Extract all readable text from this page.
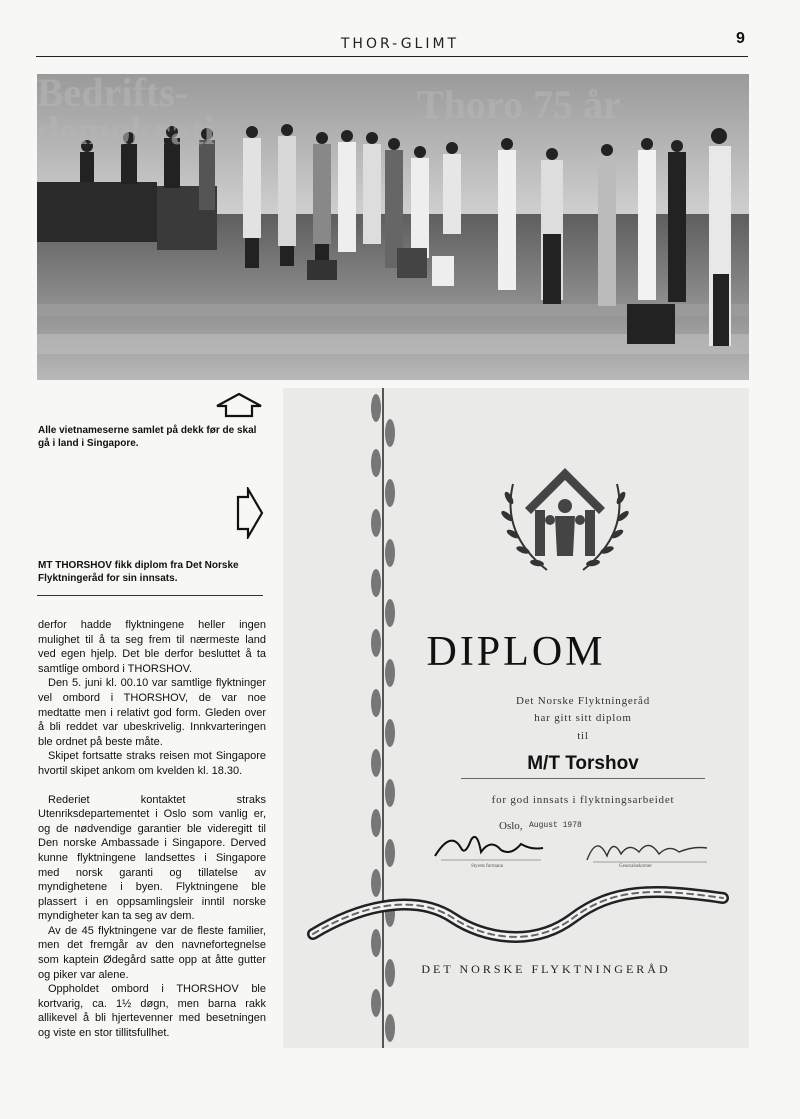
THOR-GLIMT	9
Bedrifts-
demokrati
Thoro 75 år
Alle vietnameserne samlet på dekk før de skal gå i land i Singapore.
MT THORSHOV fikk diplom fra Det Norske Flyktningeråd for sin innsats.

derfor hadde flyktningene heller ingen mulighet til å ta seg frem til nærmeste land ved egen hjelp. Det ble derfor besluttet å ta samtlige ombord i THORSHOV.

Den 5. juni kl. 00.10 var samtlige flyktninger vel ombord i THORSHOV, de var noe medtatte men i relativt god form. Gleden over å bli reddet var ubeskrivelig. Innkvarteringen ble ordnet på beste måte.

Skipet fortsatte straks reisen mot Singapore hvortil skipet ankom om kvelden kl. 18.30.

Rederiet kontaktet straks Utenriksdepartementet i Oslo som vanlig er, og de nødvendige garantier ble videregitt til Den norske Ambassade i Singapore. Derved kunne flyktningene landsettes i Singapore med norsk garanti og tillatelse av myndighetene i byen. Flyktningene ble plassert i en oppsamlingsleir inntil norske myndigheter kan ta seg av dem.

Av de 45 flyktningene var de fleste familier, men det fremgår av den navnefortegnelse som kaptein Ødegård satte opp at åtte gutter og piker var alene.

Oppholdet ombord i THORSHOV ble kortvarig, ca. 1½ døgn, men barna rakk allikevel å bli hjertevenner med besetningen og viste en stor tillitsfullhet.

DIPLOM
Det Norske Flyktningeråd
har gitt sitt diplom
til
M/T Torshov
for god innsats i flyktningsarbeidet
Oslo, August 1978
Styrets formann	Generalsekretær
DET NORSKE FLYKTNINGERÅD
